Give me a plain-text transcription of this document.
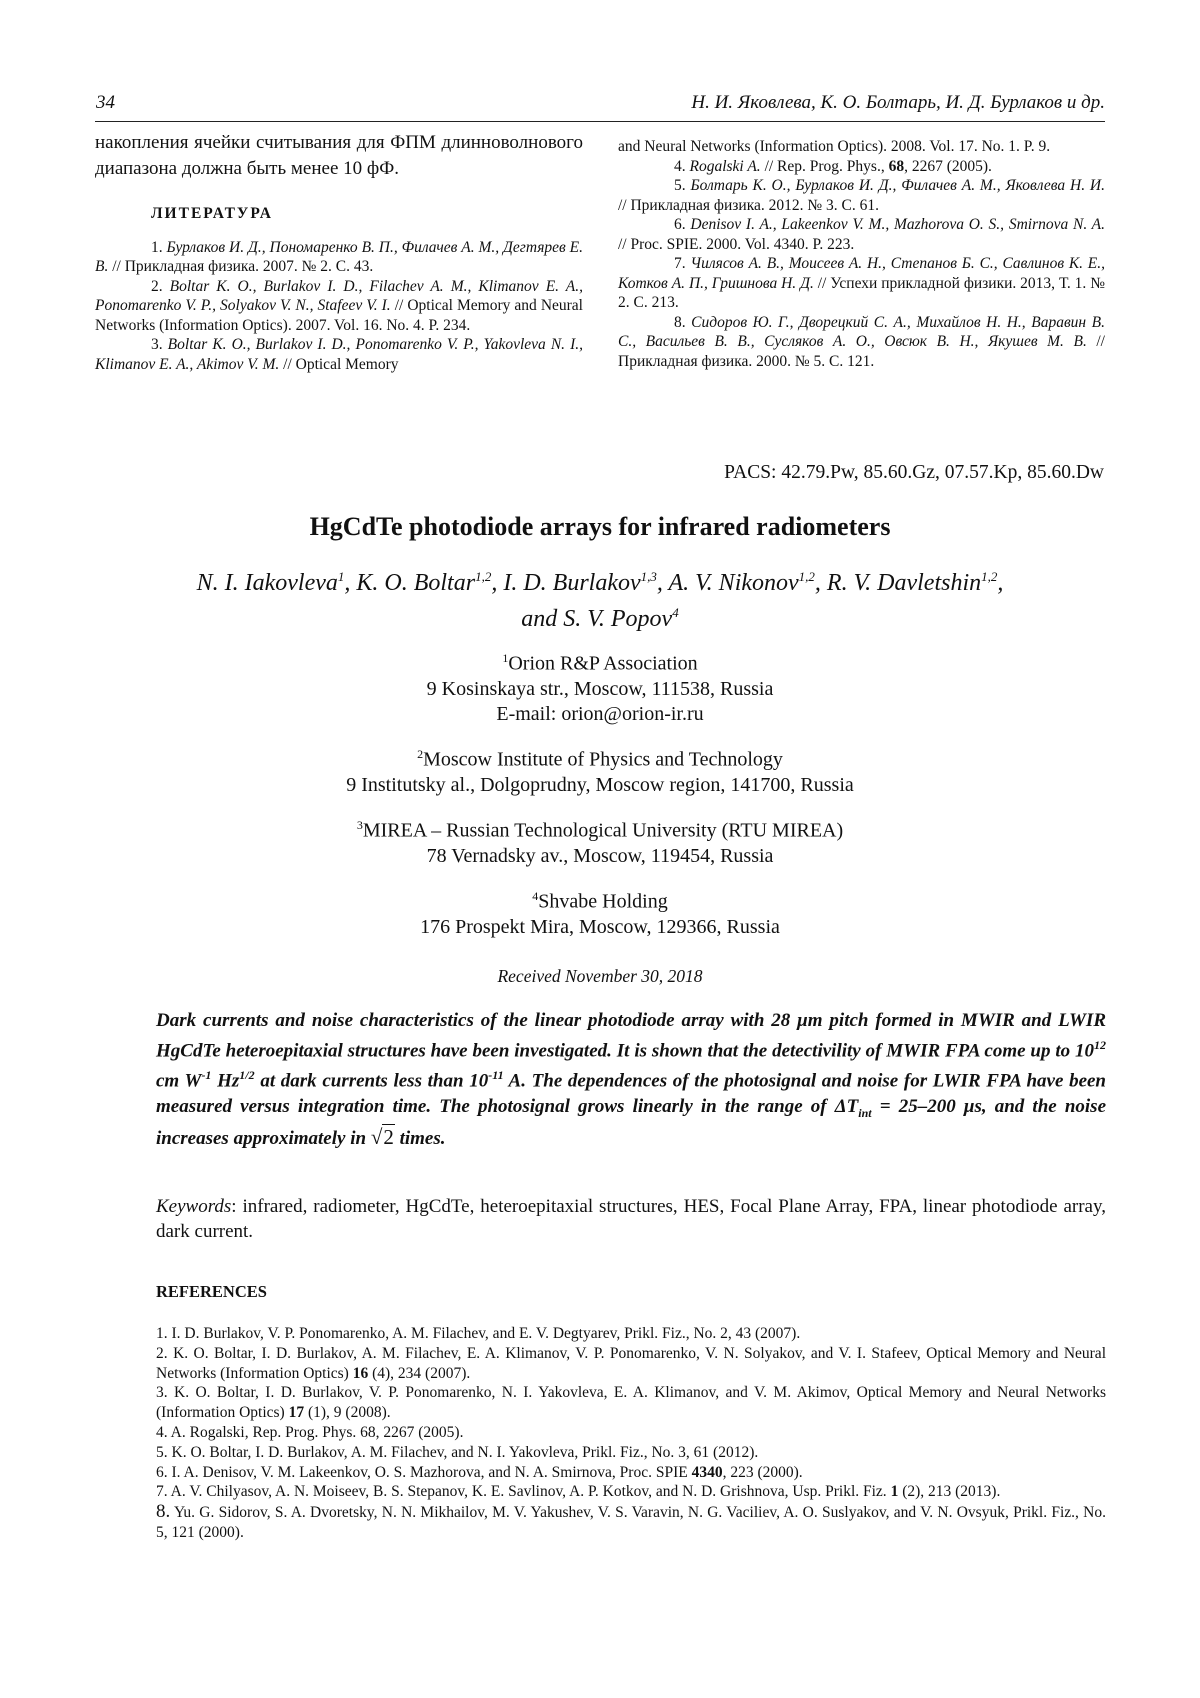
34	Н. И. Яковлева, К. О. Болтарь, И. Д. Бурлаков и др.

накопления ячейки считывания для ФПМ длинноволнового диапазона должна быть менее 10 фФ.

ЛИТЕРАТУРА

1. Бурлаков И. Д., Пономаренко В. П., Филачев А. М., Дегтярев Е. В. // Прикладная физика. 2007. № 2. С. 43.

2. Boltar K. O., Burlakov I. D., Filachev A. M., Klimanov E. A., Ponomarenko V. P., Solyakov V. N., Stafeev V. I. // Optical Memory and Neural Networks (Information Optics). 2007. Vol. 16. No. 4. P. 234.

3. Boltar K. O., Burlakov I. D., Ponomarenko V. P., Yakovleva N. I., Klimanov E. A., Akimov V. M. // Optical Memory

and Neural Networks (Information Optics). 2008. Vol. 17. No. 1. P. 9.

4. Rogalski A. // Rep. Prog. Phys., 68, 2267 (2005).

5. Болтарь К. О., Бурлаков И. Д., Филачев А. М., Яковлева Н. И. // Прикладная физика. 2012. № 3. С. 61.

6. Denisov I. A., Lakeenkov V. M., Mazhorova O. S., Smirnova N. A. // Proc. SPIE. 2000. Vol. 4340. P. 223.

7. Чилясов А. В., Моисеев А. Н., Степанов Б. С., Савлинов К. Е., Котков А. П., Гришнова Н. Д. // Успехи прикладной физики. 2013, Т. 1. № 2. С. 213.

8. Сидоров Ю. Г., Дворецкий С. А., Михайлов Н. Н., Варавин В. С., Васильев В. В., Сусляков А. О., Овсюк В. Н., Якушев М. В. // Прикладная физика. 2000. № 5. С. 121.

PACS: 42.79.Pw, 85.60.Gz, 07.57.Kp, 85.60.Dw
HgCdTe photodiode arrays for infrared radiometers
N. I. Iakovleva1, K. O. Boltar1,2, I. D. Burlakov1,3, A. V. Nikonov1,2, R. V. Davletshin1,2,
and S. V. Popov4
1Orion R&P Association
9 Kosinskaya str., Moscow, 111538, Russia
E-mail: orion@orion-ir.ru
2Moscow Institute of Physics and Technology
9 Institutsky al., Dolgoprudny, Moscow region, 141700, Russia
3MIREA – Russian Technological University (RTU MIREA)
78 Vernadsky av., Moscow, 119454, Russia
4Shvabe Holding
176 Prospekt Mira, Moscow, 129366, Russia
Received November 30, 2018
Dark currents and noise characteristics of the linear photodiode array with 28 μm pitch formed in MWIR and LWIR HgCdTe heteroepitaxial structures have been investigated. It is shown that the detectivility of MWIR FPA come up to 1012 cm W-1 Hz1/2 at dark currents less than 10-11 A. The dependences of the photosignal and noise for LWIR FPA have been measured versus integration time. The photosignal grows linearly in the range of ΔTint = 25–200 μs, and the noise increases approximately in √2 times.
Keywords: infrared, radiometer, HgCdTe, heteroepitaxial structures, HES, Focal Plane Array, FPA, linear photodiode array, dark current.
REFERENCES

1. I. D. Burlakov, V. P. Ponomarenko, A. M. Filachev, and E. V. Degtyarev, Prikl. Fiz., No. 2, 43 (2007).

2. K. O. Boltar, I. D. Burlakov, A. M. Filachev, E. A. Klimanov, V. P. Ponomarenko, V. N. Solyakov, and V. I. Stafeev, Optical Memory and Neural Networks (Information Optics) 16 (4), 234 (2007).

3. K. O. Boltar, I. D. Burlakov, V. P. Ponomarenko, N. I. Yakovleva, E. A. Klimanov, and V. M. Akimov, Optical Memory and Neural Networks (Information Optics) 17 (1), 9 (2008).

4. A. Rogalski, Rep. Prog. Phys. 68, 2267 (2005).

5. K. O. Boltar, I. D. Burlakov, A. M. Filachev, and N. I. Yakovleva, Prikl. Fiz., No. 3, 61 (2012).

6. I. A. Denisov, V. M. Lakeenkov, O. S. Mazhorova, and N. A. Smirnova, Proc. SPIE 4340, 223 (2000).

7. A. V. Chilyasov, A. N. Moiseev, B. S. Stepanov, K. E. Savlinov, A. P. Kotkov, and N. D. Grishnova, Usp. Prikl. Fiz. 1 (2), 213 (2013).

8. Yu. G. Sidorov, S. A. Dvoretsky, N. N. Mikhailov, M. V. Yakushev, V. S. Varavin, N. G. Vaciliev, A. O. Suslyakov, and V. N. Ovsyuk, Prikl. Fiz., No. 5, 121 (2000).
